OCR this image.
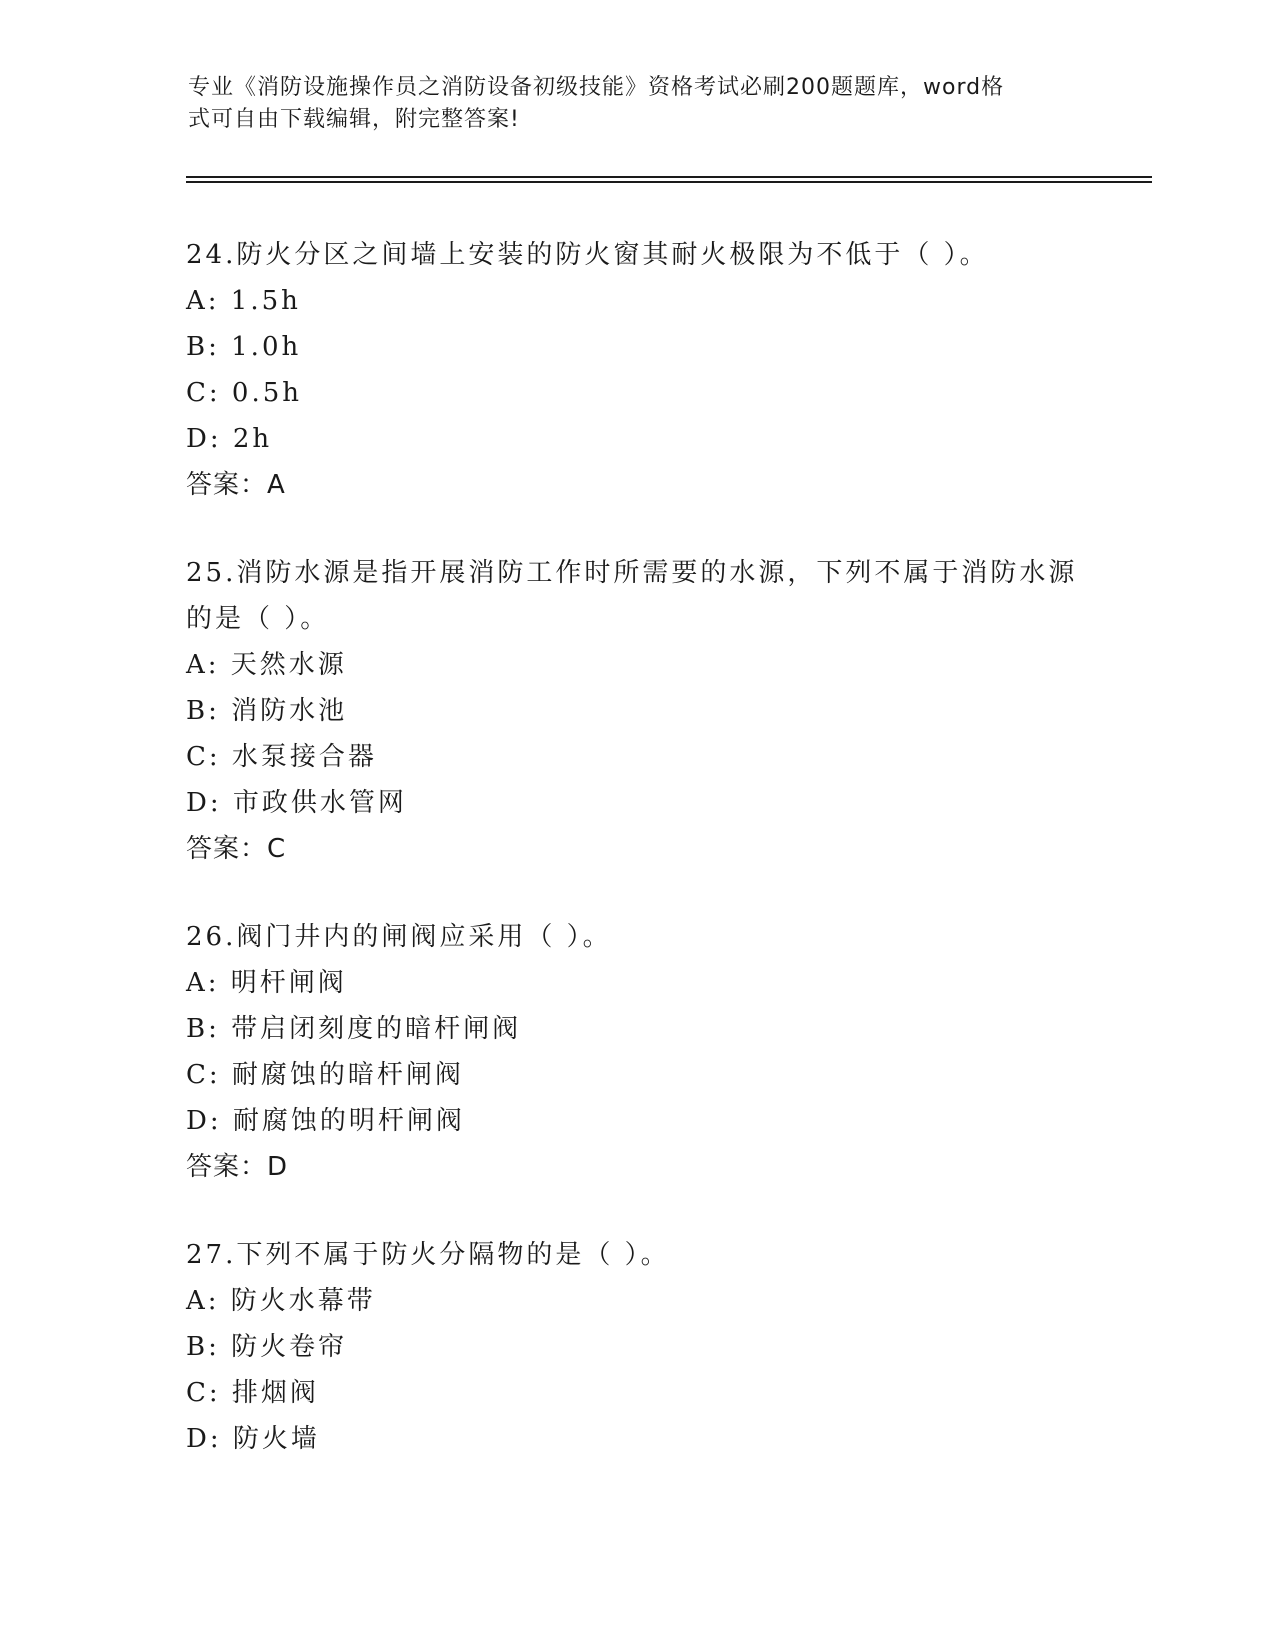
专业《消防设施操作员之消防设备初级技能》资格考试必刷200题题库，word格
式可自由下载编辑，附完整答案!
24.防火分区之间墙上安装的防火窗其耐火极限为不低于（ ）。
A: 1.5h
B: 1.0h
C: 0.5h
D: 2h
答案：A
25.消防水源是指开展消防工作时所需要的水源，下列不属于消防水源
的是（ ）。
A: 天然水源
B: 消防水池
C: 水泵接合器
D: 市政供水管网
答案：C
26.阀门井内的闸阀应采用（ ）。
A: 明杆闸阀
B: 带启闭刻度的暗杆闸阀
C: 耐腐蚀的暗杆闸阀
D: 耐腐蚀的明杆闸阀
答案：D
27.下列不属于防火分隔物的是（ ）。
A: 防火水幕带
B: 防火卷帘
C: 排烟阀
D: 防火墙
